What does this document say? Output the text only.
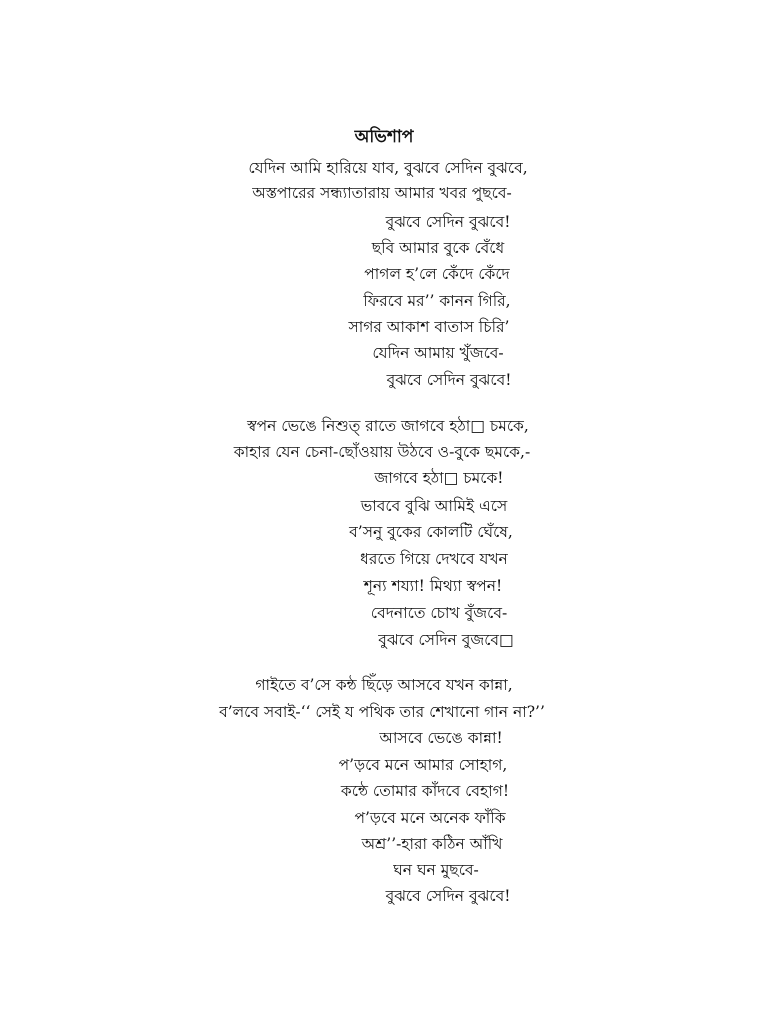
অভিশাপ
যেদিন আমি হারিয়ে যাব, বুঝবে সেদিন বুঝবে,
অস্তপারের সন্ধ্যাতারায় আমার খবর পুছবে-
বুঝবে সেদিন বুঝবে!
ছবি আমার বুকে বেঁধে
পাগল হ’লে কেঁদে কেঁদে
ফিরবে মর’’ কানন গিরি,
সাগর আকাশ বাতাস চিরি’
যেদিন আমায় খুঁজবে-
বুঝবে সেদিন বুঝবে!
স্বপন ভেঙে নিশুত্ রাতে জাগবে হঠা□ চমকে,
কাহার যেন চেনা-ছোঁওয়ায় উঠবে ও-বুকে ছমকে,-
জাগবে হঠা□ চমকে!
ভাববে বুঝি আমিই এসে
ব’সনু বুকের কোলটি ঘেঁষে,
ধরতে গিয়ে দেখবে যখন
শূন্য শয্যা! মিথ্যা স্বপন!
বেদনাতে চোখ বুঁজবে-
বুঝবে সেদিন বুজবে□
গাইতে ব’সে কন্ঠ ছিঁড়ে আসবে যখন কান্না,
ব’লবে সবাই-‘‘ সেই য পথিক তার শেখানো গান না?’’
আসবে ভেঙে কান্না!
প’ড়বে মনে আমার সোহাগ,
কন্ঠে তোমার কাঁদবে বেহাগ!
প’ড়বে মনে অনেক ফাঁকি
অশ্র’’-হারা কঠিন আঁখি
ঘন ঘন মুছবে-
বুঝবে সেদিন বুঝবে!
